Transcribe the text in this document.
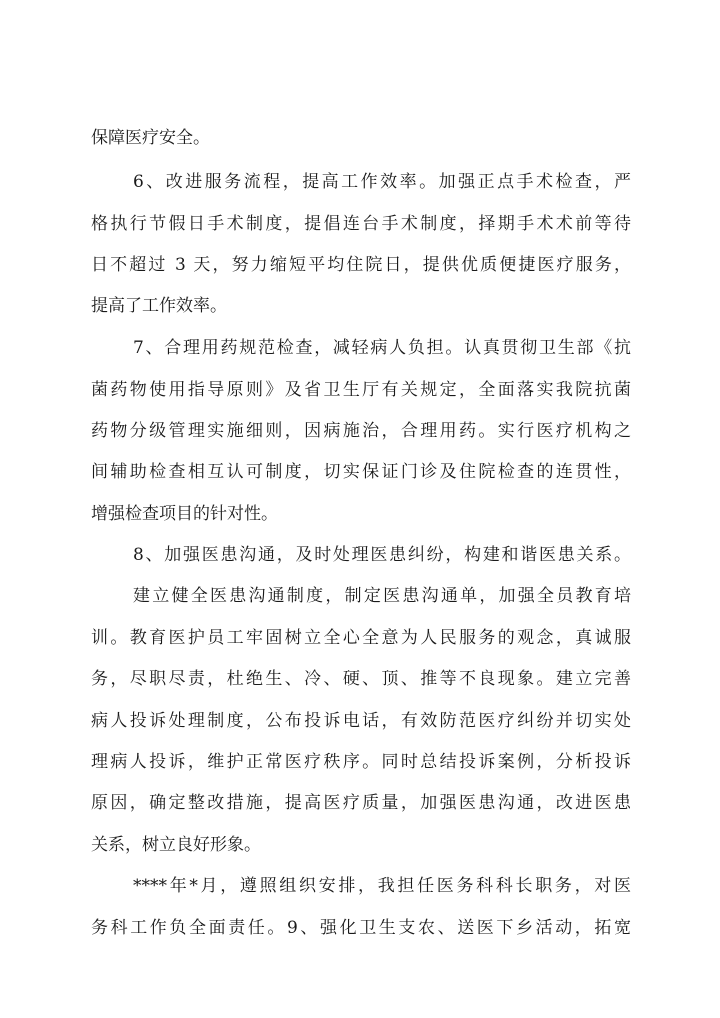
保障医疗安全。
6、改进服务流程，提高工作效率。加强正点手术检查，严
格执行节假日手术制度，提倡连台手术制度，择期手术术前等待
日不超过 3 天，努力缩短平均住院日，提供优质便捷医疗服务，
提高了工作效率。
7、合理用药规范检查，减轻病人负担。认真贯彻卫生部《抗
菌药物使用指导原则》及省卫生厅有关规定，全面落实我院抗菌
药物分级管理实施细则，因病施治，合理用药。实行医疗机构之
间辅助检查相互认可制度，切实保证门诊及住院检查的连贯性，
增强检查项目的针对性。
8、加强医患沟通，及时处理医患纠纷，构建和谐医患关系。
建立健全医患沟通制度，制定医患沟通单，加强全员教育培
训。教育医护员工牢固树立全心全意为人民服务的观念，真诚服
务，尽职尽责，杜绝生、冷、硬、顶、推等不良现象。建立完善
病人投诉处理制度，公布投诉电话，有效防范医疗纠纷并切实处
理病人投诉，维护正常医疗秩序。同时总结投诉案例，分析投诉
原因，确定整改措施，提高医疗质量，加强医患沟通，改进医患
关系，树立良好形象。
****年*月，遵照组织安排，我担任医务科科长职务，对医
务科工作负全面责任。9、强化卫生支农、送医下乡活动，拓宽
